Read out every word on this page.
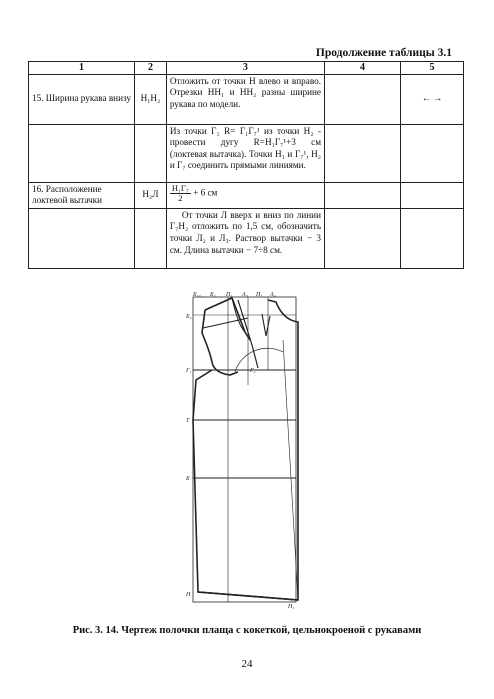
Продолжение таблицы 3.1
1	2	3	4	5
15. Ширина рукава внизу	Н₁Н₂	Отложить от точки Н влево и вправо. Отрезки НН₁ и НН₂ разны ширине рукава по модели.		← →
		Из точки Г₁ R= Г₁Г₇¹ из точки Н₂ - провести дугу R=Н₁Г₇¹+3 см (локтевая вытачка). Точки Н₁ и Г₇¹, Н₂ и Г₇ соединить прямыми линиями.		
16. Расположение локтевой вытачки	Н₂Л	$\frac{\text{Н₁Г₇}}{2} + 6$ см		
		От точки Л вверх и вниз по линии Г₇Н₂ отложить по 1,5 см, обозначить точки Л₂ и Л₃. Раствор вытачки − 3 см. Длина вытачки − 7÷8 см.		
Б₁₀ Б₂ П₁ А₃ П₃ А₄
Б₂
Г₁	Г₄
Т
Б
Н
Н₁
Рис. 3. 14. Чертеж полочки плаща с кокеткой, цельнокроеной с рукавами
24
